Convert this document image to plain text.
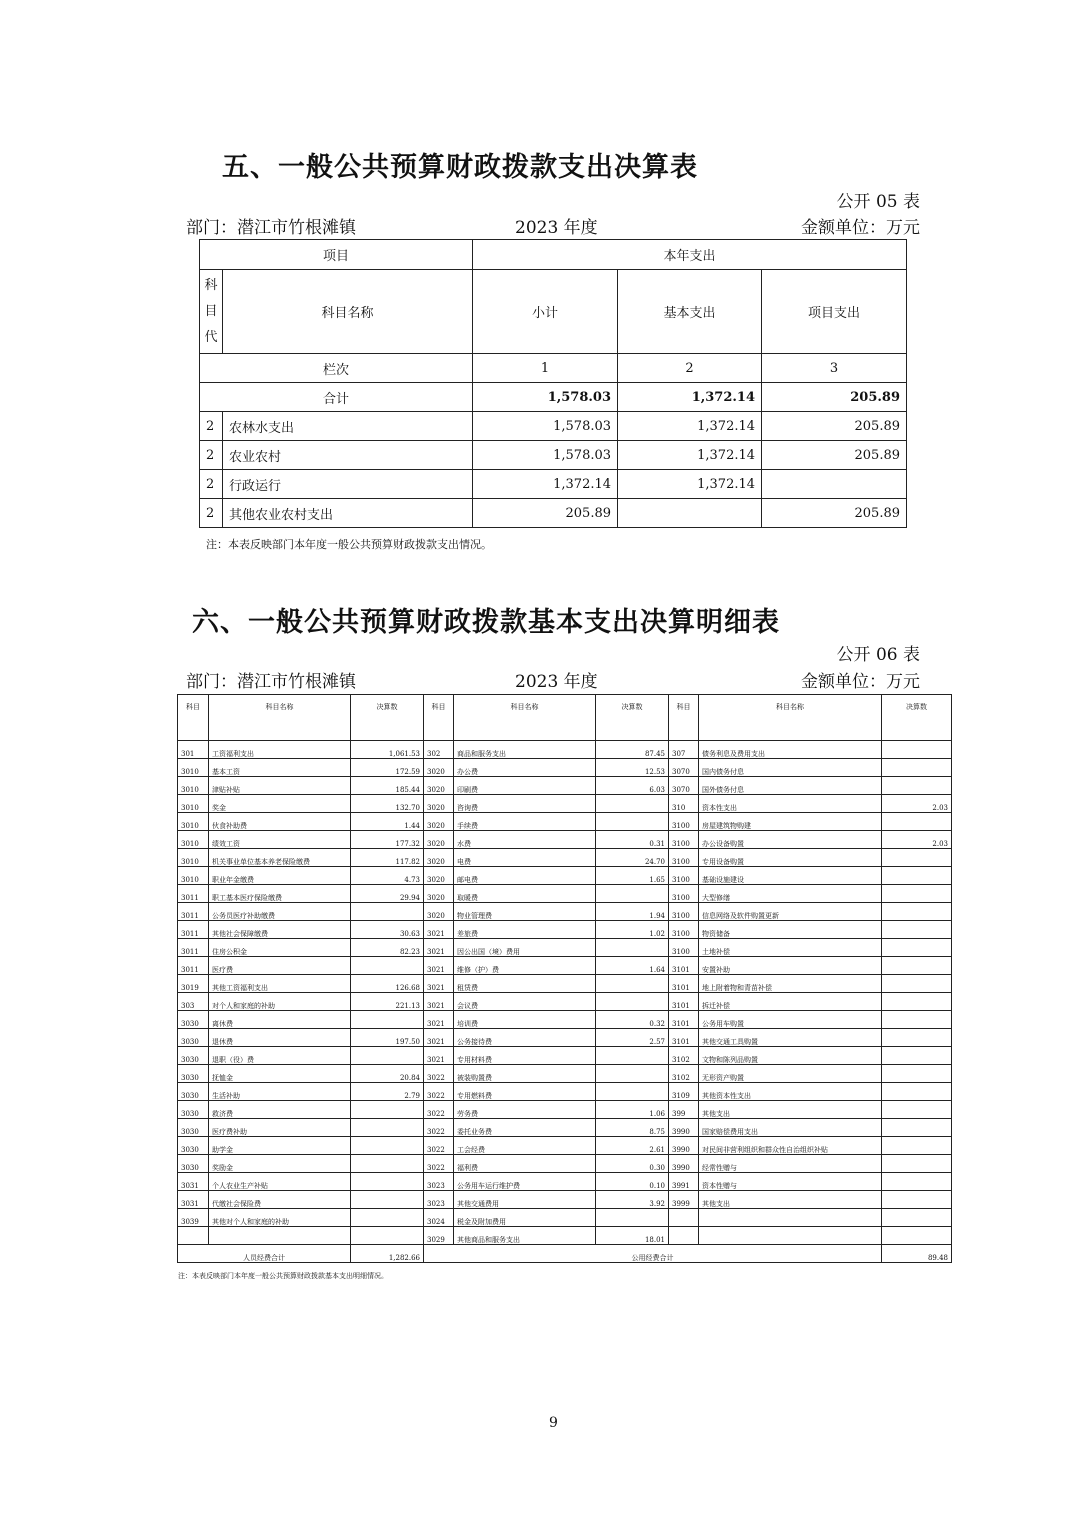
五、一般公共预算财政拨款支出决算表
公开 05 表
部门：潜江市竹根滩镇	2023 年度	金额单位：万元
项目		本年支出		
科目代	科目名称	小计	基本支出	项目支出
栏次		1	2	3
合计		1,578.03	1,372.14	205.89
2	农林水支出	1,578.03	1,372.14	205.89
2	农业农村	1,578.03	1,372.14	205.89
2	行政运行	1,372.14	1,372.14	
2	其他农业农村支出	205.89		205.89
注：本表反映部门本年度一般公共预算财政拨款支出情况。
六、一般公共预算财政拨款基本支出决算明细表
公开 06 表
部门：潜江市竹根滩镇	2023 年度	金额单位：万元
科目	科目名称	决算数	科目	科目名称	决算数	科目	科目名称	决算数
301	工资福利支出	1,061.53	302	商品和服务支出	87.45	307	债务利息及费用支出	
3010	基本工资	172.59	3020	办公费	12.53	3070	国内债务付息	
3010	津贴补贴	185.44	3020	印刷费	6.03	3070	国外债务付息	
3010	奖金	132.70	3020	咨询费		310	资本性支出	2.03
3010	伙食补助费	1.44	3020	手续费		3100	房屋建筑物购建	
3010	绩效工资	177.32	3020	水费	0.31	3100	办公设备购置	2.03
3010	机关事业单位基本养老保险缴费	117.82	3020	电费	24.70	3100	专用设备购置	
3010	职业年金缴费	4.73	3020	邮电费	1.65	3100	基础设施建设	
3011	职工基本医疗保险缴费	29.94	3020	取暖费		3100	大型修缮	
3011	公务员医疗补助缴费		3020	物业管理费	1.94	3100	信息网络及软件购置更新	
3011	其他社会保障缴费	30.63	3021	差旅费	1.02	3100	物资储备	
3011	住房公积金	82.23	3021	因公出国（境）费用		3100	土地补偿	
3011	医疗费		3021	维修（护）费	1.64	3101	安置补助	
3019	其他工资福利支出	126.68	3021	租赁费		3101	地上附着物和青苗补偿	
303	对个人和家庭的补助	221.13	3021	会议费		3101	拆迁补偿	
3030	离休费		3021	培训费	0.32	3101	公务用车购置	
3030	退休费	197.50	3021	公务接待费	2.57	3101	其他交通工具购置	
3030	退职（役）费		3021	专用材料费		3102	文物和陈列品购置	
3030	抚恤金	20.84	3022	被装购置费		3102	无形资产购置	
3030	生活补助	2.79	3022	专用燃料费		3109	其他资本性支出	
3030	救济费		3022	劳务费	1.06	399	其他支出	
3030	医疗费补助		3022	委托业务费	8.75	3990	国家赔偿费用支出	
3030	助学金		3022	工会经费	2.61	3990	对民间非营利组织和群众性自治组织补贴	
3030	奖励金		3022	福利费	0.30	3990	经常性赠与	
3031	个人农业生产补贴		3023	公务用车运行维护费	0.10	3991	资本性赠与	
3031	代缴社会保险费		3023	其他交通费用	3.92	3999	其他支出	
3039	其他对个人和家庭的补助		3024	税金及附加费用				
			3029	其他商品和服务支出	18.01			
人员经费合计		1,282.66	公用经费合计					89.48
注：本表反映部门本年度一般公共预算财政拨款基本支出明细情况。
9
